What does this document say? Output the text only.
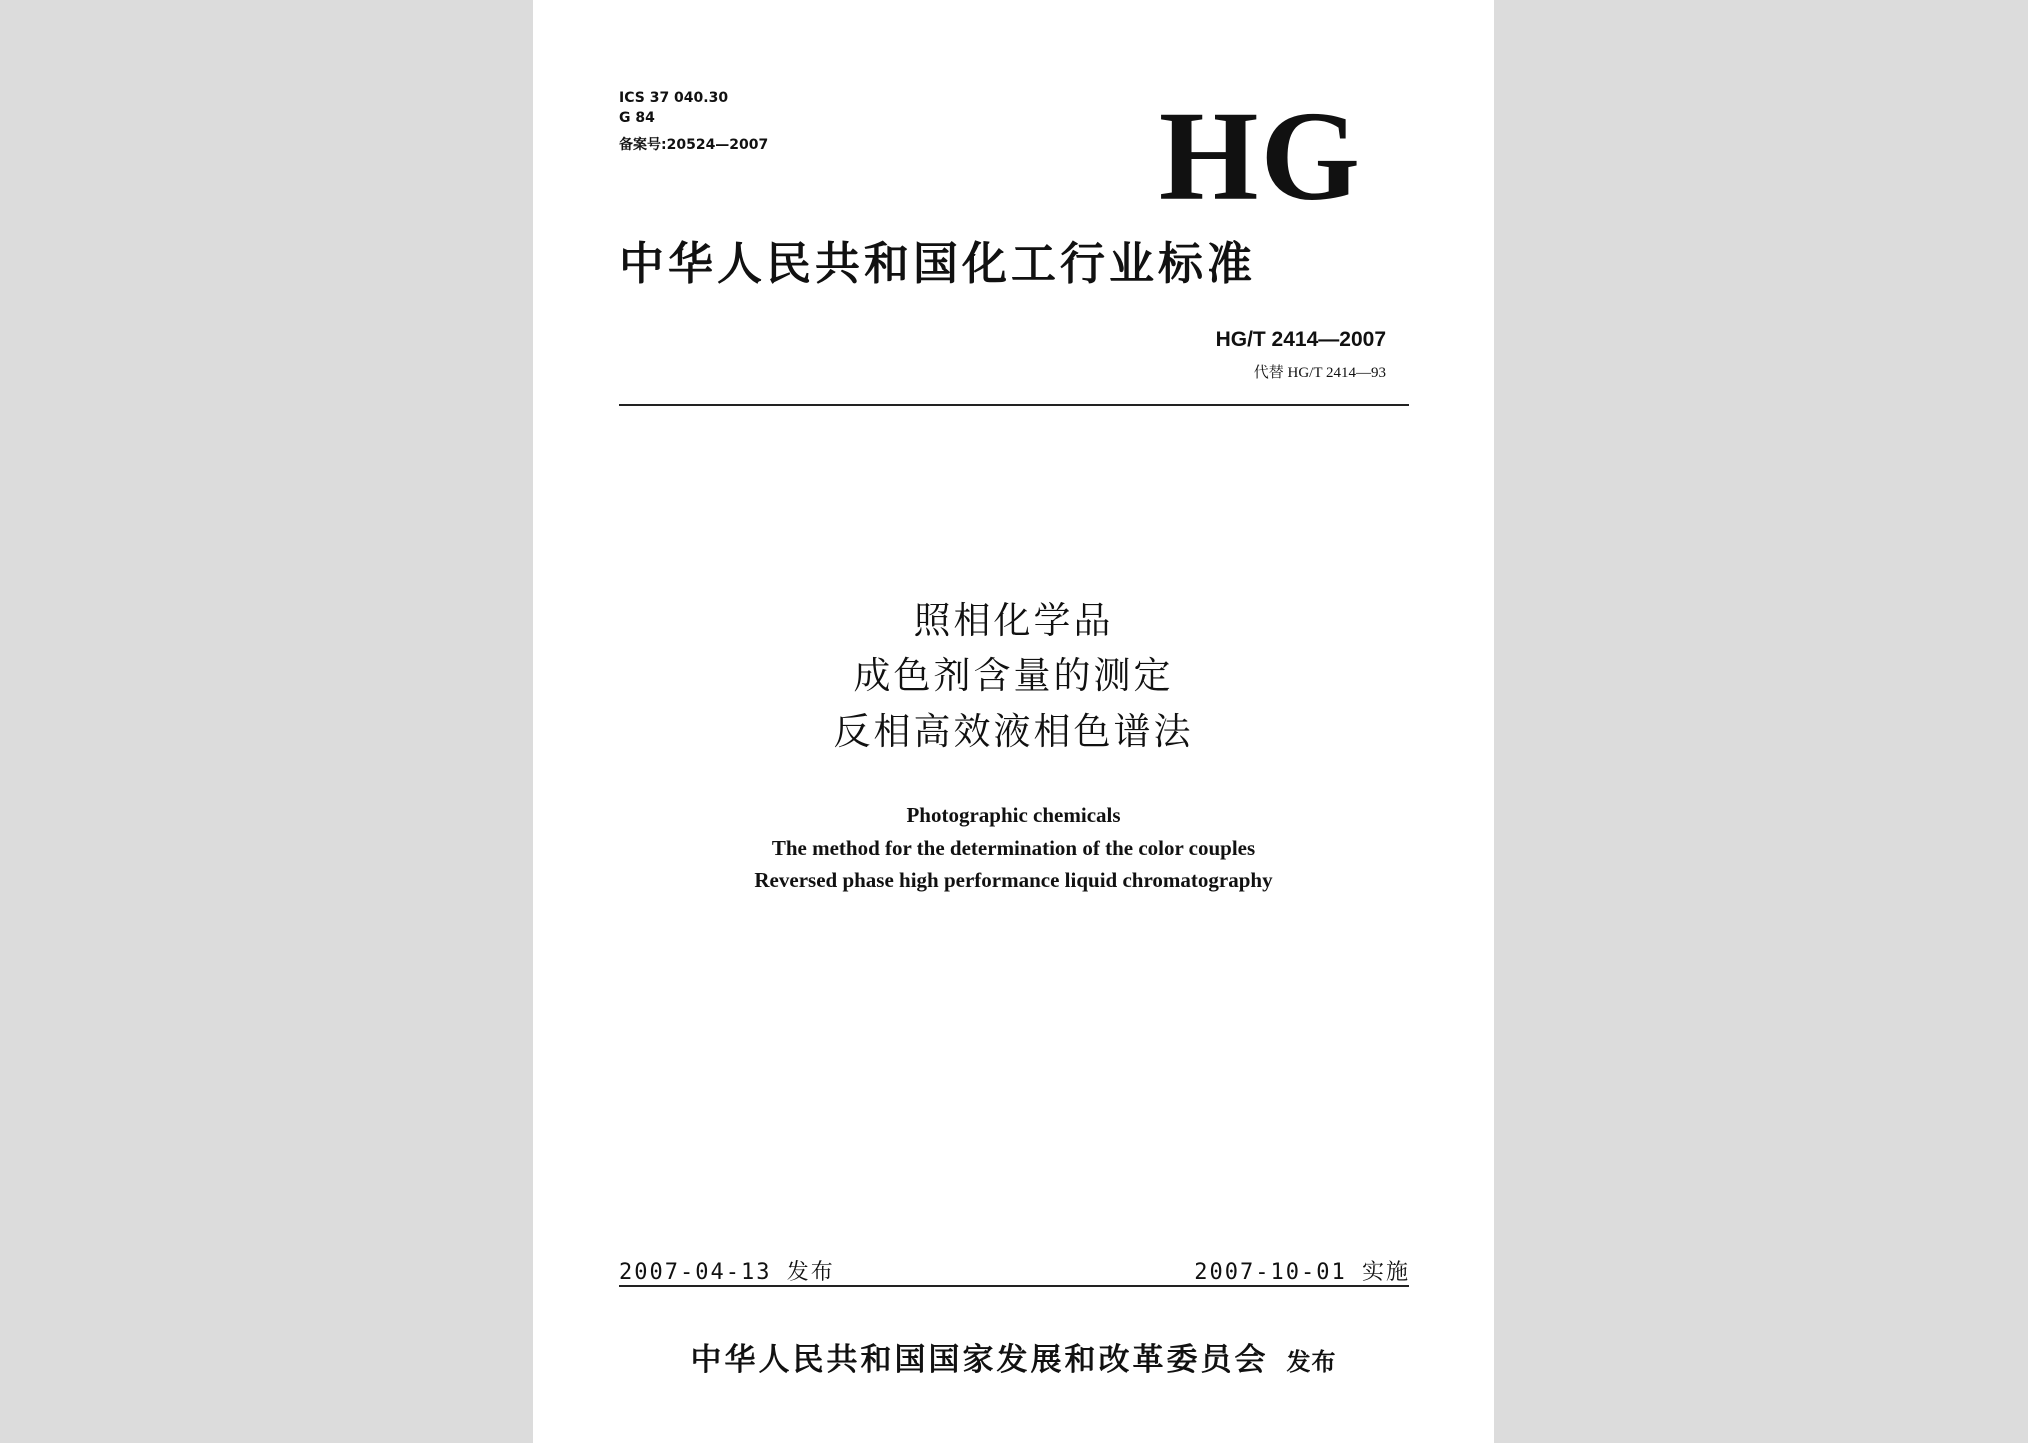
ICS 37 040.30
G 84
备案号:20524—2007	HG
中华人民共和国化工行业标准
HG/T 2414—2007
代替 HG/T 2414—93
照相化学品
成色剂含量的测定
反相高效液相色谱法
Photographic chemicals
The method for the determination of the color couples
Reversed phase high performance liquid chromatography
2007-04-13 发布	2007-10-01 实施
中华人民共和国国家发展和改革委员会 发布
